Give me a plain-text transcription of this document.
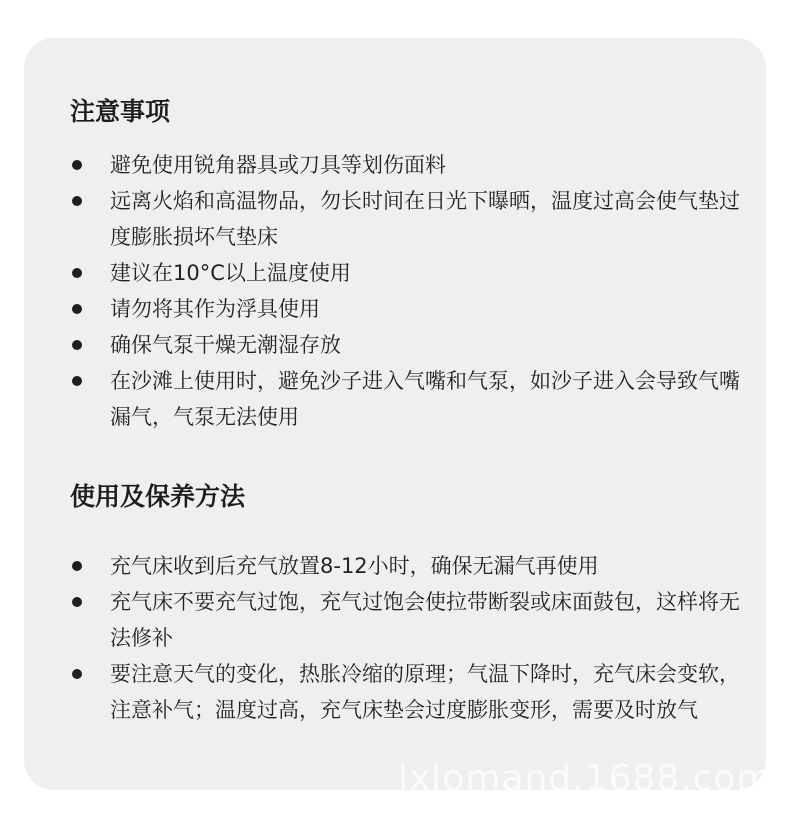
注意事项
避免使用锐角器具或刀具等划伤面料
远离火焰和高温物品，勿长时间在日光下曝晒，温度过高会使气垫过度膨胀损坏气垫床
建议在10°C以上温度使用
请勿将其作为浮具使用
确保气泵干燥无潮湿存放
在沙滩上使用时，避免沙子进入气嘴和气泵，如沙子进入会导致气嘴漏气，气泵无法使用
使用及保养方法
充气床收到后充气放置8-12小时，确保无漏气再使用
充气床不要充气过饱，充气过饱会使拉带断裂或床面鼓包，这样将无法修补
要注意天气的变化，热胀冷缩的原理；气温下降时，充气床会变软，注意补气；温度过高，充气床垫会过度膨胀变形，需要及时放气
lxlomand.1688.com
